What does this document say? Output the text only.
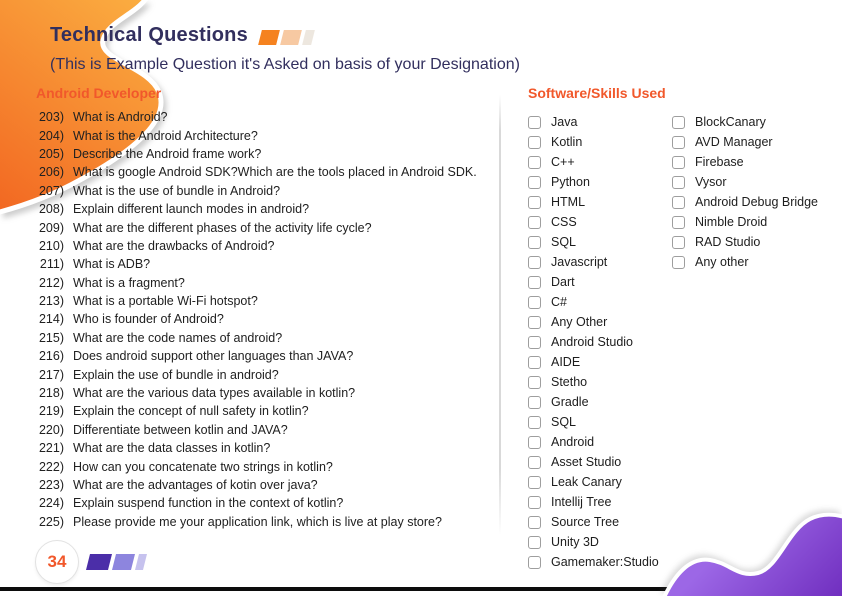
Technical Questions
(This is Example Question it's Asked on basis of your Designation)
Android Developer	Software/Skills Used
203) What is Android?
204) What is the Android Architecture?
205) Describe the Android frame work?
206) What is google Android SDK?Which are the tools placed in Android SDK.
207) What is the use of bundle in Android?
208) Explain different launch modes in android?
209) What are the different phases of the activity life cycle?
210) What are the drawbacks of Android?
211) What is ADB?
212) What is a fragment?
213) What is a portable Wi-Fi hotspot?
214) Who is founder of Android?
215) What are the code names of android?
216) Does android support other languages than JAVA?
217) Explain the use of bundle in android?
218) What are the various data types available in kotlin?
219) Explain the concept of null safety in kotlin?
220) Differentiate between kotlin and JAVA?
221) What are the data classes in kotlin?
222) How can you concatenate two strings in kotlin?
223) What are the advantages of kotin over java?
224) Explain suspend function in the context of kotlin?
225) Please provide me your application link, which is live at play store?
Java
Kotlin
C++
Python
HTML
CSS
SQL
Javascript
Dart
C#
Any Other
Android Studio
AIDE
Stetho
Gradle
SQL
Android
Asset Studio
Leak Canary
Intellij Tree
Source Tree
Unity 3D
Gamemaker:Studio
BlockCanary
AVD Manager
Firebase
Vysor
Android Debug Bridge
Nimble Droid
RAD Studio
Any other
34
